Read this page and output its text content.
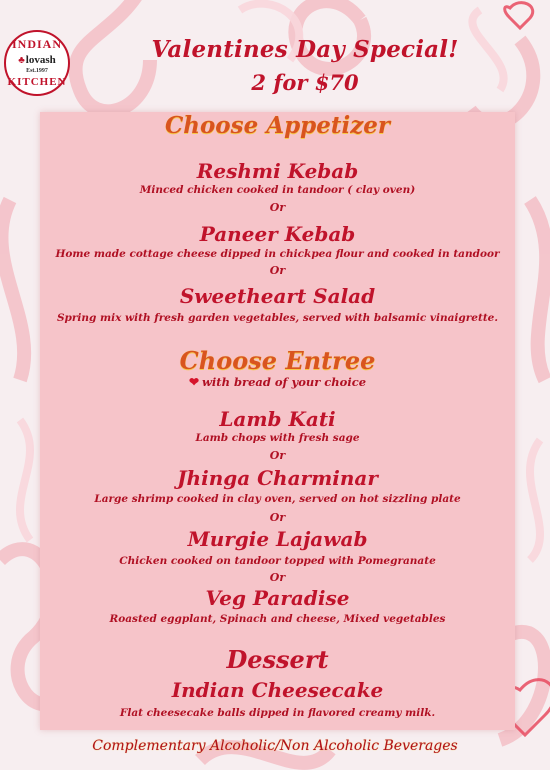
INDIAN
♣lovash
Est.1997
KITCHEN
Valentines Day Special!
2 for $70
Choose Appetizer

Reshmi Kebab

Minced chicken cooked in tandoor ( clay oven)

Or

Paneer Kebab

Home made cottage cheese dipped in chickpea flour and cooked in tandoor

Or

Sweetheart Salad

Spring mix with fresh garden vegetables, served with balsamic vinaigrette.

Choose Entree

❤ with bread of your choice

Lamb Kati

Lamb chops with fresh sage

Or

Jhinga Charminar

Large shrimp cooked in clay oven, served on hot sizzling plate

Or

Murgie Lajawab

Chicken cooked on tandoor topped with Pomegranate

Or

Veg Paradise

Roasted eggplant, Spinach and cheese, Mixed vegetables

Dessert

Indian Cheesecake

Flat cheesecake balls dipped in flavored creamy milk.

Complementary Alcoholic/Non Alcoholic Beverages
